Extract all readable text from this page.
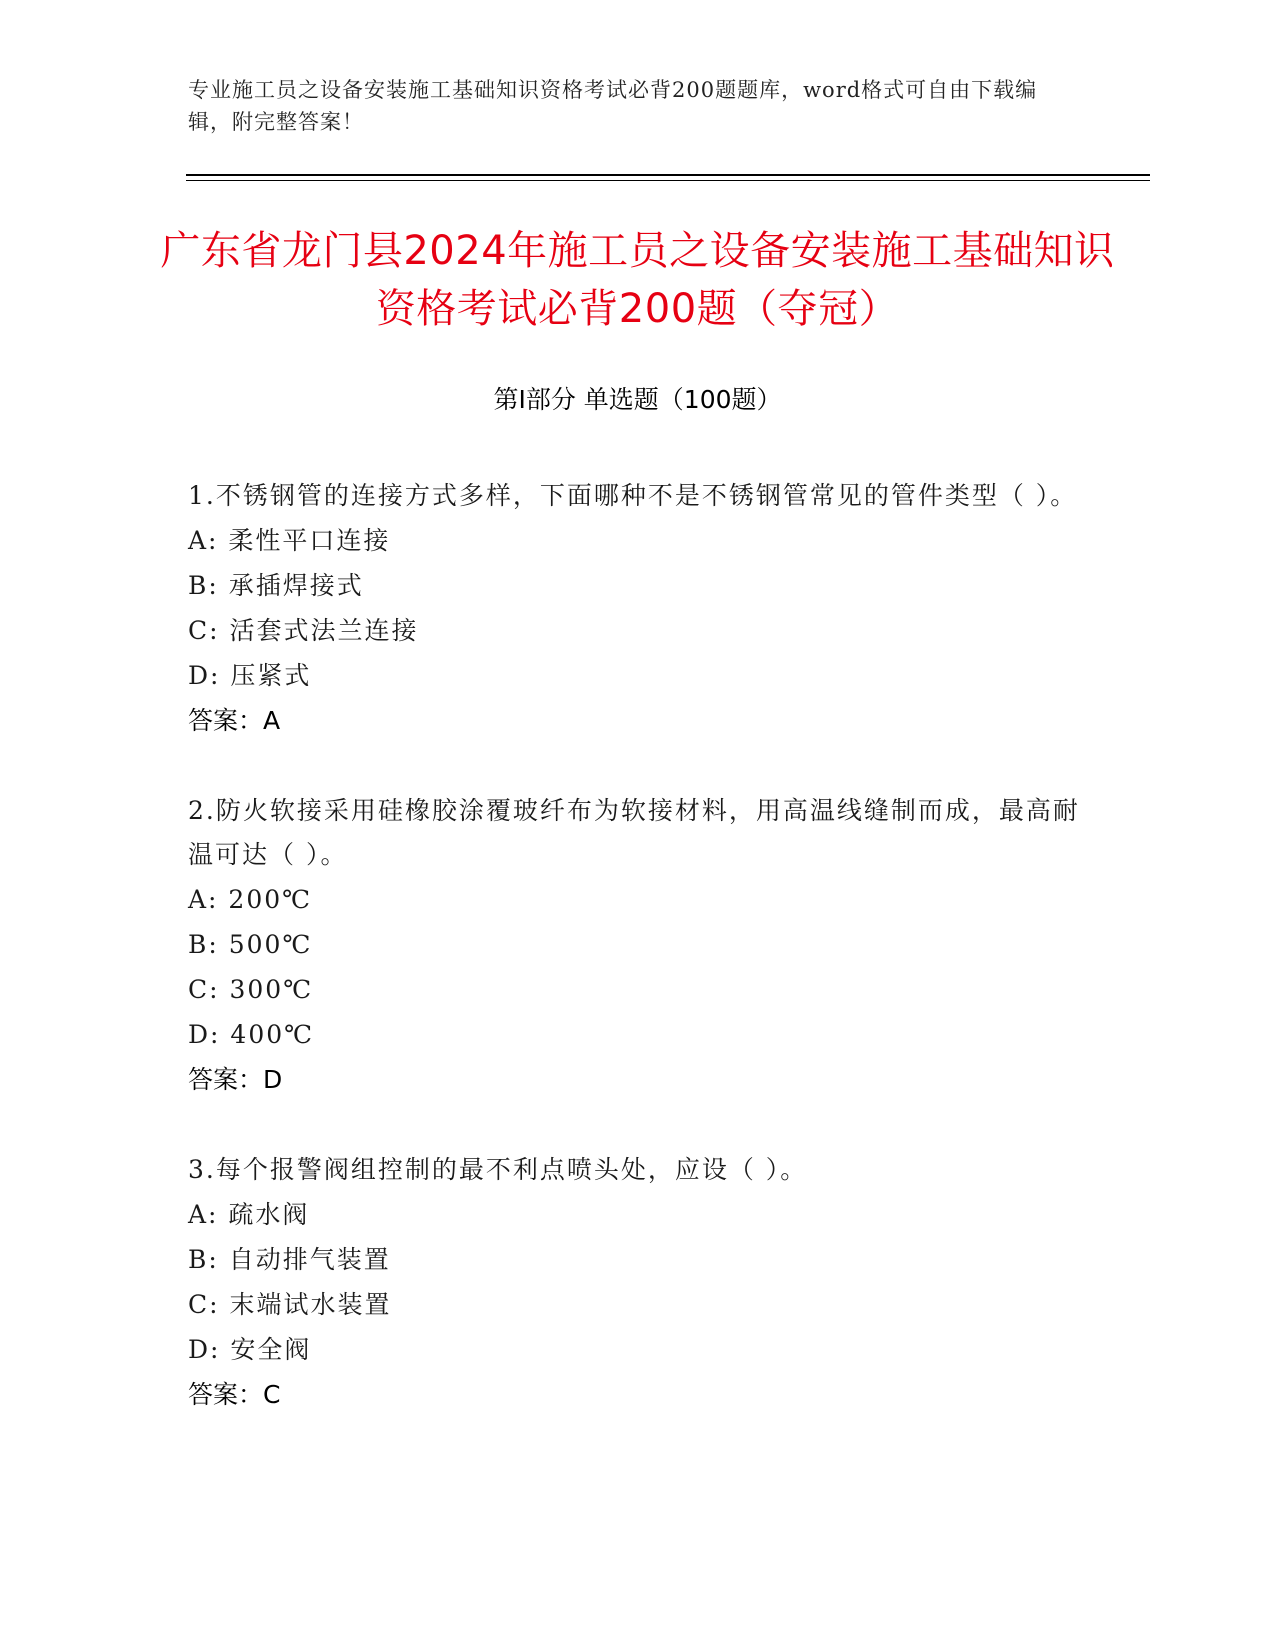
专业施工员之设备安装施工基础知识资格考试必背200题题库，word格式可自由下载编辑，附完整答案！
广东省龙门县2024年施工员之设备安装施工基础知识资格考试必背200题（夺冠）
第Ⅰ部分 单选题（100题）

1.不锈钢管的连接方式多样，下面哪种不是不锈钢管常见的管件类型（ ）。

A: 柔性平口连接

B: 承插焊接式

C: 活套式法兰连接

D: 压紧式

答案：A

2.防火软接采用硅橡胶涂覆玻纤布为软接材料，用高温线缝制而成，最高耐温可达（ ）。

A: 200℃

B: 500℃

C: 300℃

D: 400℃

答案：D

3.每个报警阀组控制的最不利点喷头处，应设（ ）。

A: 疏水阀

B: 自动排气装置

C: 末端试水装置

D: 安全阀

答案：C
